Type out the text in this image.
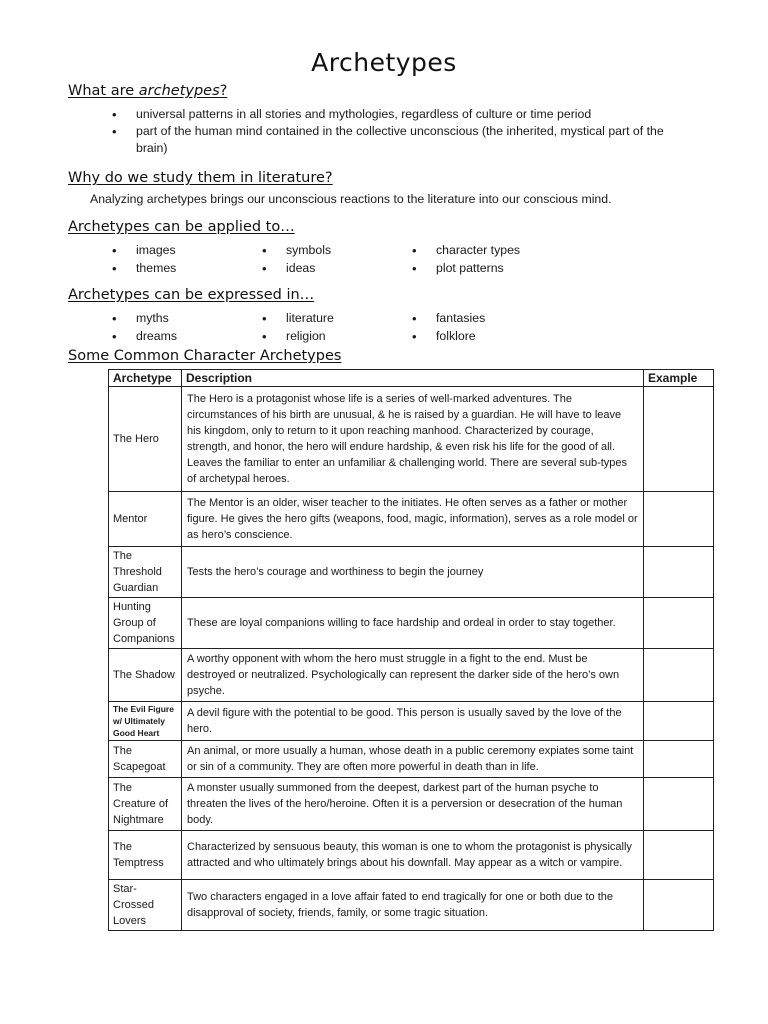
Archetypes
What are archetypes?
• universal patterns in all stories and mythologies, regardless of culture or time period
• part of the human mind contained in the collective unconscious (the inherited, mystical part of the brain)
Why do we study them in literature?
Analyzing archetypes brings our unconscious reactions to the literature into our conscious mind.
Archetypes can be applied to…
• images	• symbols	• character types
• themes	• ideas	• plot patterns
Archetypes can be expressed in…
• myths	• literature	• fantasies
• dreams	• religion	• folklore
Some Common Character Archetypes
Archetype	Description	Example
The Hero	The Hero is a protagonist whose life is a series of well-marked adventures. The circumstances of his birth are unusual, & he is raised by a guardian. He will have to leave his kingdom, only to return to it upon reaching manhood. Characterized by courage, strength, and honor, the hero will endure hardship, & even risk his life for the good of all. Leaves the familiar to enter an unfamiliar & challenging world. There are several sub-types of archetypal heroes.	
Mentor	The Mentor is an older, wiser teacher to the initiates. He often serves as a father or mother figure. He gives the hero gifts (weapons, food, magic, information), serves as a role model or as hero’s conscience.	
The Threshold Guardian	Tests the hero’s courage and worthiness to begin the journey	
Hunting Group of Companions	These are loyal companions willing to face hardship and ordeal in order to stay together.	
The Shadow	A worthy opponent with whom the hero must struggle in a fight to the end. Must be destroyed or neutralized. Psychologically can represent the darker side of the hero’s own psyche.	
The Evil Figure w/ Ultimately Good Heart	A devil figure with the potential to be good. This person is usually saved by the love of the hero.	
The Scapegoat	An animal, or more usually a human, whose death in a public ceremony expiates some taint or sin of a community. They are often more powerful in death than in life.	
The Creature of Nightmare	A monster usually summoned from the deepest, darkest part of the human psyche to threaten the lives of the hero/heroine. Often it is a perversion or desecration of the human body.	
The Temptress	Characterized by sensuous beauty, this woman is one to whom the protagonist is physically attracted and who ultimately brings about his downfall. May appear as a witch or vampire.	
Star-Crossed Lovers	Two characters engaged in a love affair fated to end tragically for one or both due to the disapproval of society, friends, family, or some tragic situation.	
